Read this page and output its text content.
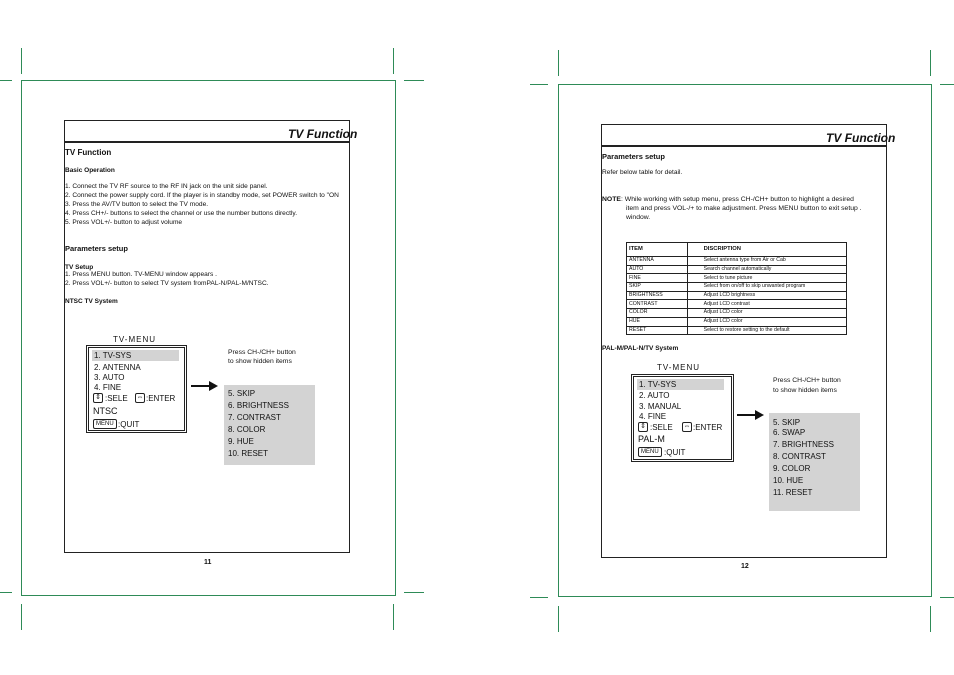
TV Function
TV Function
Basic Operation
1. Connect the TV RF source to the RF IN jack on the unit side panel.
2. Connect the power supply cord. If the player is in standby mode, set POWER switch to "ON
3. Press the AV/TV button to select the TV mode.
4. Press CH+/- buttons to select the channel or use the number buttons directly.
5. Press VOL+/- button to adjust volume
Parameters setup
TV Setup
1. Press MENU button. TV-MENU window appears .
2. Press VOL+/- button to select TV system fromPAL-N/PAL-M/NTSC.
NTSC TV System
TV-MENU
1. TV-SYS
2. ANTENNA
3. AUTO
4. FINE
⇕ :SELE ⇔ :ENTER
NTSC
MENU :QUIT
Press CH-/CH+ button
to show hidden items
5. SKIP
6. BRIGHTNESS
7. CONTRAST
8. COLOR
9. HUE
10. RESET
11
TV Function
Parameters setup
Refer below table for detail.
NOTE : While working with setup menu, press CH-/CH+ button to highlight a desired
item and press VOL-/+ to make adjustment. Press MENU button to exit setup .
window.
ITEM	DISCRIPTION
ANTENNA	Select antenna type from Air or Cab
AUTO	Search channel automatically
FINE	Select to tune picture
SKIP	Select from on/off to skip unwanted program
BRIGHTNESS	Adjust LCD brightness
CONTRAST	Adjust LCD contrast
COLOR	Adjust LCD color
HUE	Adjust LCD color
RESET	Select to restore setting to the default
PAL-M/PAL-N/TV System
TV-MENU
1. TV-SYS
2. AUTO
3. MANUAL
4. FINE
⇕ :SELE ⇔ :ENTER
PAL-M
MENU :QUIT
Press CH-/CH+ button
to show hidden items
5. SKIP
6. SWAP
7. BRIGHTNESS
8. CONTRAST
9. COLOR
10. HUE
11. RESET
12
